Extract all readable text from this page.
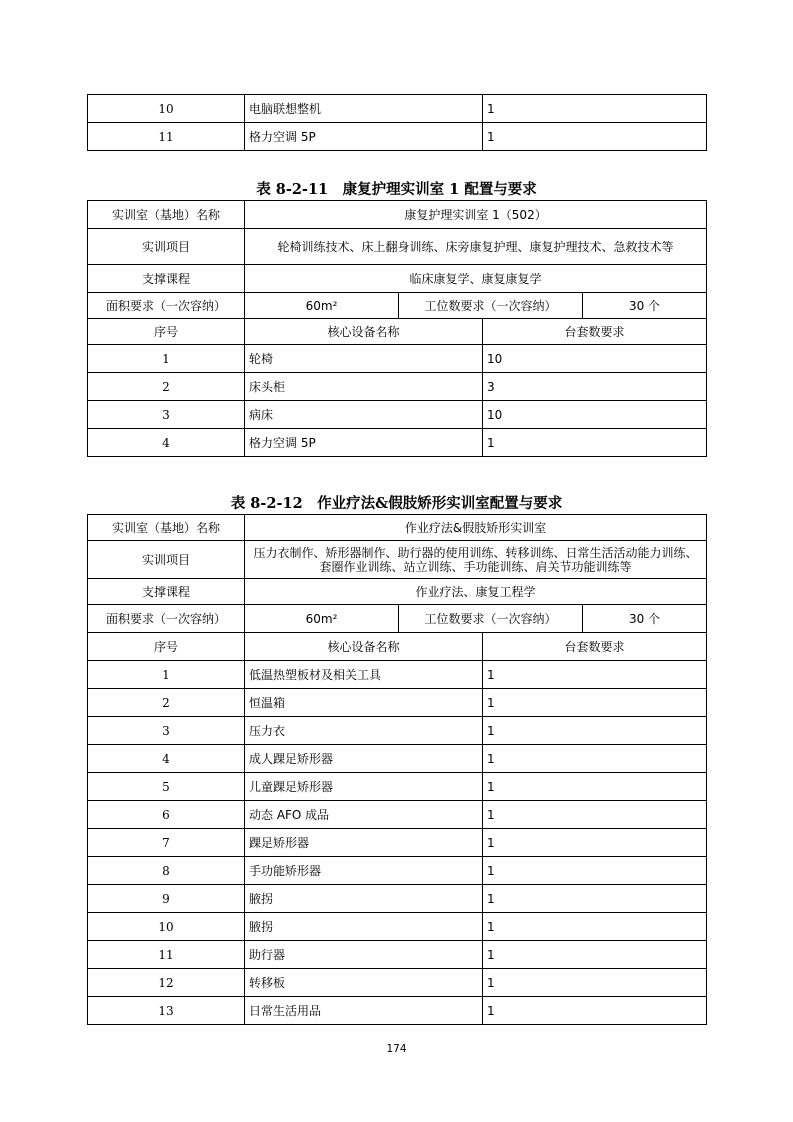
10	电脑联想整机	1
11	格力空调 5P	1
表 8-2-11　康复护理实训室 1 配置与要求
实训室（基地）名称	康复护理实训室 1（502）			
实训项目	轮椅训练技术、床上翻身训练、床旁康复护理、康复护理技术、急救技术等			
支撑课程	临床康复学、康复康复学			
面积要求（一次容纳）	60m²	工位数要求（一次容纳）		30 个
序号	核心设备名称		台套数要求	
1	轮椅		10	
2	床头柜		3	
3	病床		10	
4	格力空调 5P		1	
表 8-2-12　作业疗法&假肢矫形实训室配置与要求
实训室（基地）名称	作业疗法&假肢矫形实训室			
实训项目	压力衣制作、矫形器制作、助行器的使用训练、转移训练、日常生活活动能力训练、套圈作业训练、站立训练、手功能训练、肩关节功能训练等			
支撑课程	作业疗法、康复工程学			
面积要求（一次容纳）	60m²	工位数要求（一次容纳）		30 个
序号	核心设备名称		台套数要求	
1	低温热塑板材及相关工具		1	
2	恒温箱		1	
3	压力衣		1	
4	成人踝足矫形器		1	
5	儿童踝足矫形器		1	
6	动态 AFO 成品		1	
7	踝足矫形器		1	
8	手功能矫形器		1	
9	腋拐		1	
10	腋拐		1	
11	助行器		1	
12	转移板		1	
13	日常生活用品		1	
174
